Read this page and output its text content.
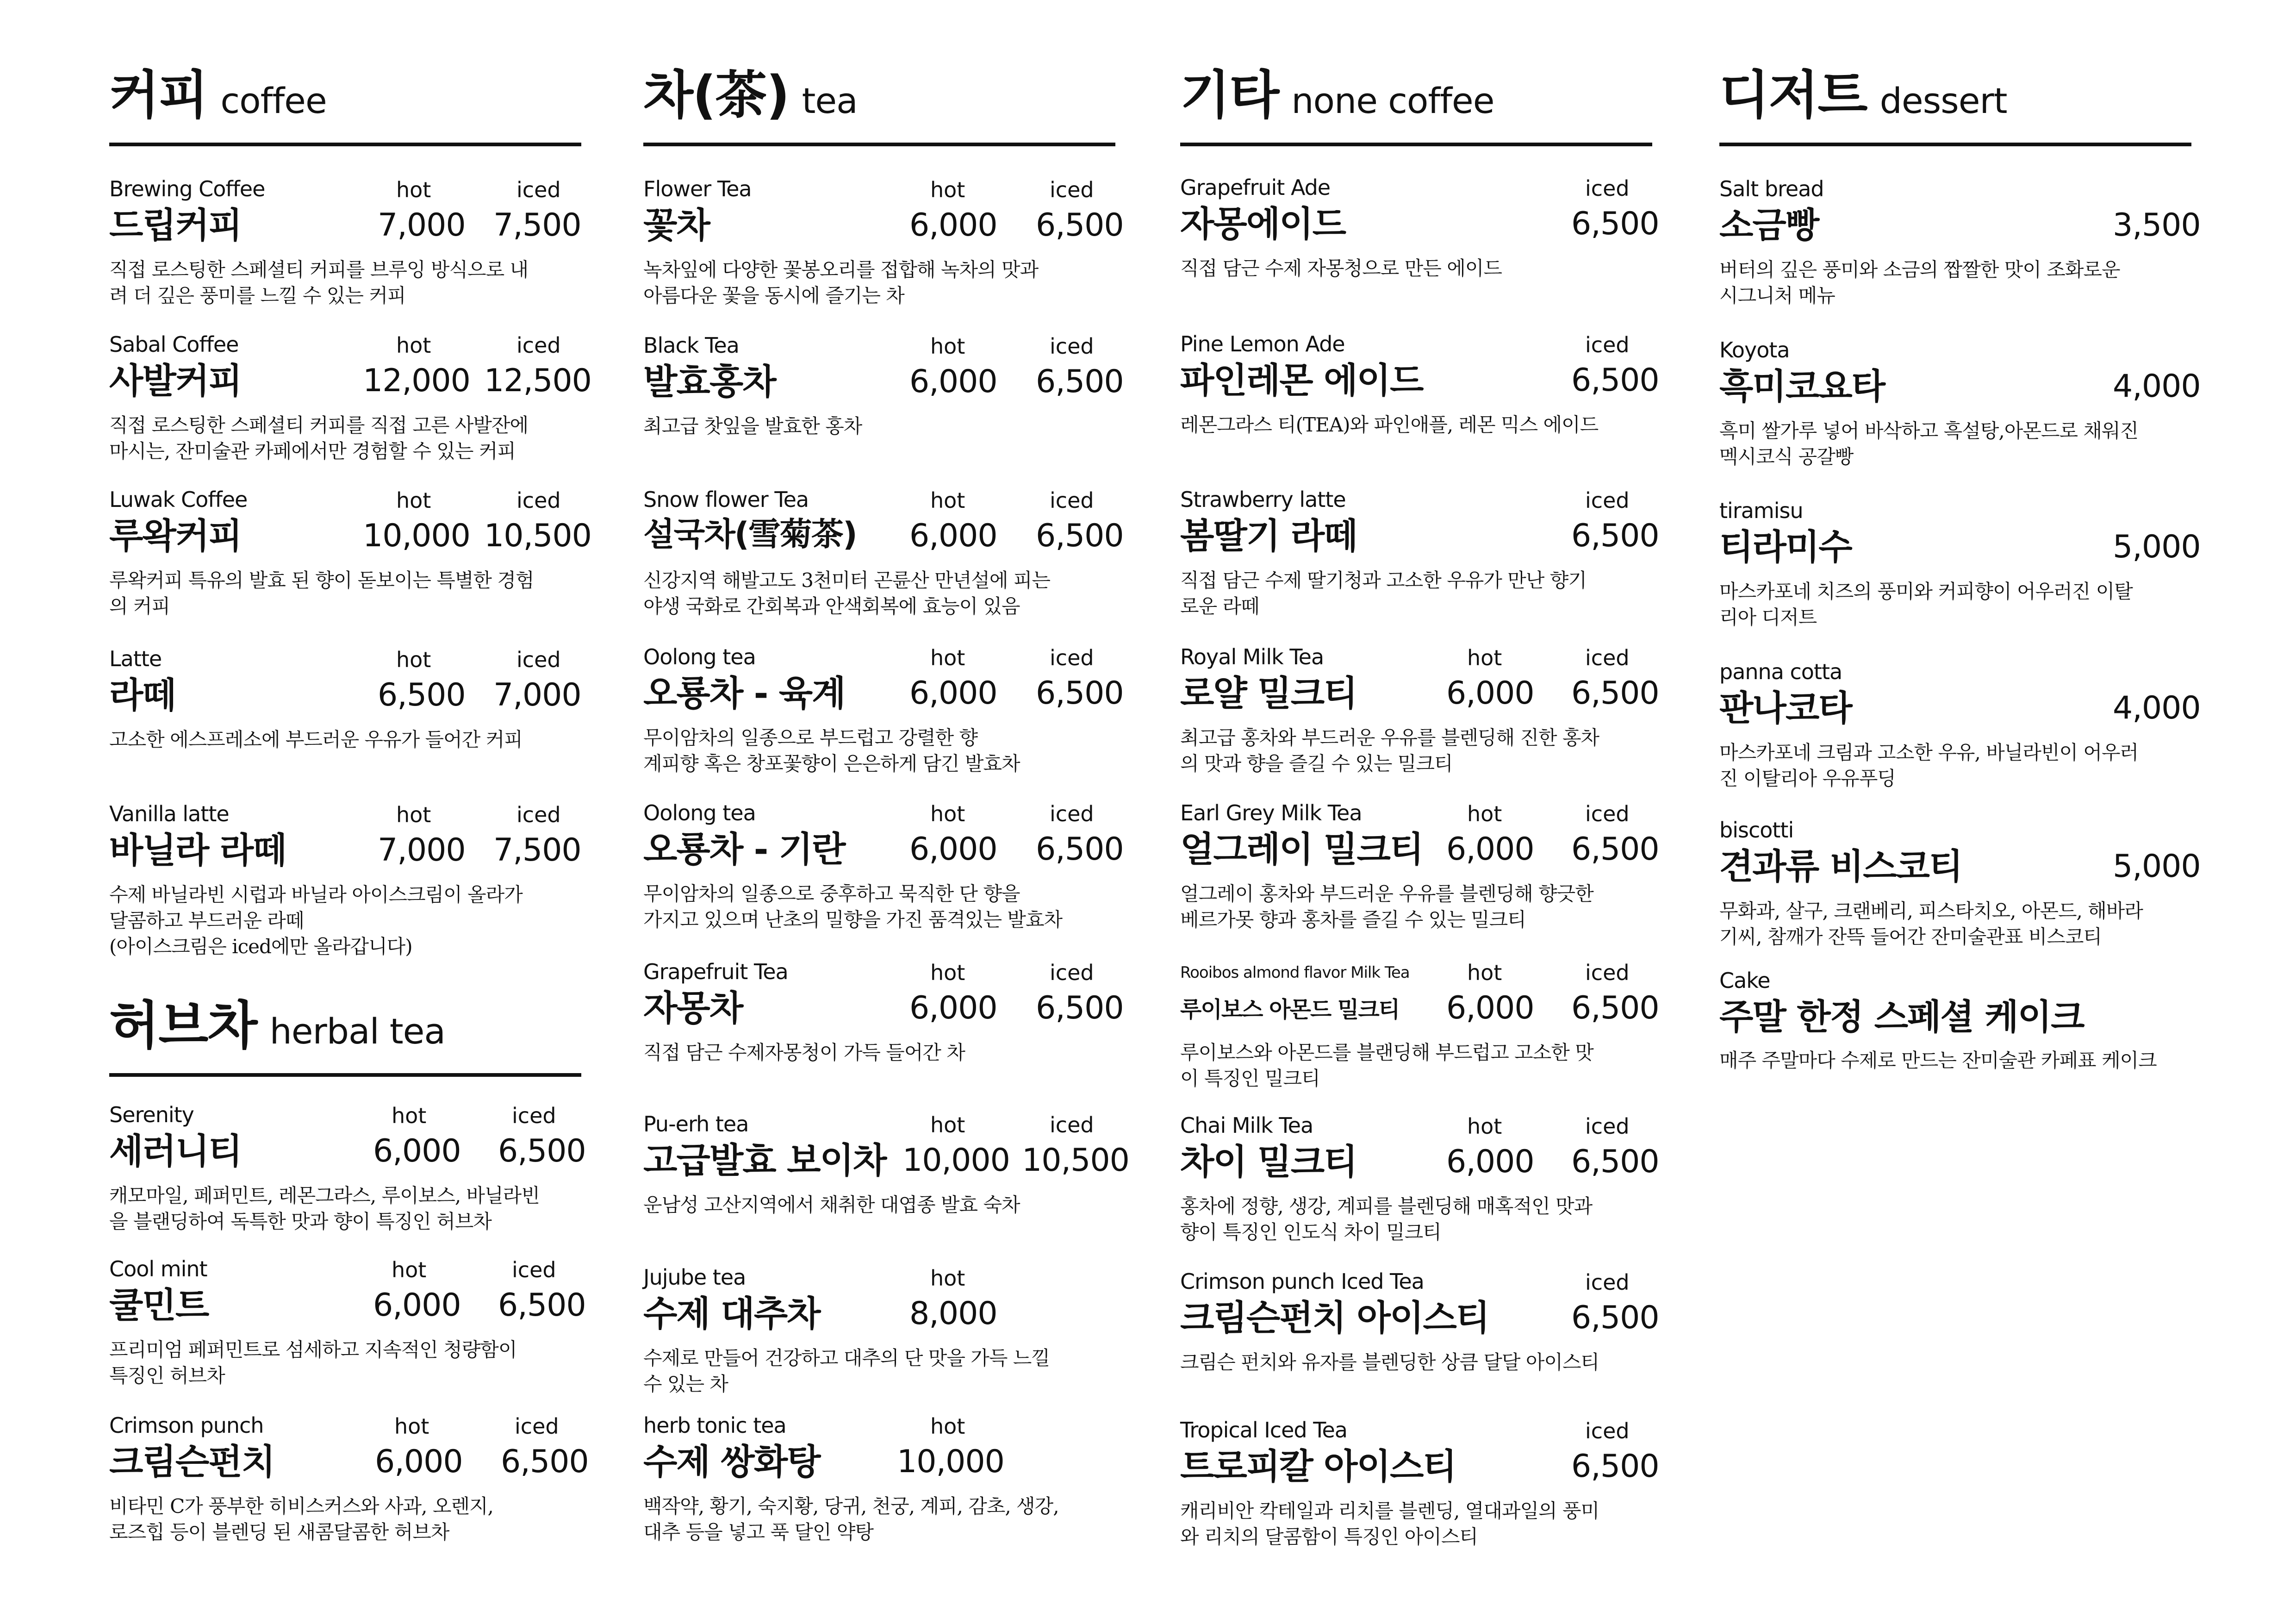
커피 coffee
Brewing Coffee	hot	iced
드립커피	7,000 7,500
직접 로스팅한 스페셜티 커피를 브루잉 방식으로 내
려 더 깊은 풍미를 느낄 수 있는 커피
Sabal Coffee	hot	iced
사발커피	12,000 12,500
직접 로스팅한 스페셜티 커피를 직접 고른 사발잔에
마시는, 잔미술관 카페에서만 경험할 수 있는 커피
Luwak Coffee	hot	iced
루왁커피	10,000 10,500
루왁커피 특유의 발효 된 향이 돋보이는 특별한 경험
의 커피
Latte	hot	iced
라떼	6,500 7,000
고소한 에스프레소에 부드러운 우유가 들어간 커피
Vanilla latte	hot	iced
바닐라 라떼	7,000 7,500
수제 바닐라빈 시럽과 바닐라 아이스크림이 올라가
달콤하고 부드러운 라떼
(아이스크림은 iced에만 올라갑니다)
허브차 herbal tea
Serenity	hot	iced
세러니티	6,000 6,500
캐모마일, 페퍼민트, 레몬그라스, 루이보스, 바닐라빈
을 블랜딩하여 독특한 맛과 향이 특징인 허브차
Cool mint	hot	iced
쿨민트	6,000 6,500
프리미엄 페퍼민트로 섬세하고 지속적인 청량함이
특징인 허브차
Crimson punch	hot	iced
크림슨펀치	6,000 6,500
비타민 C가 풍부한 히비스커스와 사과, 오렌지,
로즈힙 등이 블렌딩 된 새콤달콤한 허브차
차(茶) tea
Flower Tea	hot	iced
꽃차	6,000 6,500
녹차잎에 다양한 꽃봉오리를 접합해 녹차의 맛과
아름다운 꽃을 동시에 즐기는 차
Black Tea	hot	iced
발효홍차	6,000 6,500
최고급 찻잎을 발효한 홍차
Snow flower Tea	hot	iced
설국차(雪菊茶) 6,000 6,500
신강지역 해발고도 3천미터 곤륜산 만년설에 피는
야생 국화로 간회복과 안색회복에 효능이 있음
Oolong tea	hot	iced
오룡차 - 육계 6,000 6,500
무이암차의 일종으로 부드럽고 강렬한 향
계피향 혹은 창포꽃향이 은은하게 담긴 발효차
Oolong tea	hot	iced
오룡차 - 기란 6,000 6,500
무이암차의 일종으로 중후하고 묵직한 단 향을
가지고 있으며 난초의 밀향을 가진 품격있는 발효차
Grapefruit Tea	hot	iced
자몽차	6,000 6,500
직접 담근 수제자몽청이 가득 들어간 차
Pu-erh tea	hot	iced
고급발효 보이차 10,000 10,500
운남성 고산지역에서 채취한 대엽종 발효 숙차
Jujube tea	hot
수제 대추차	8,000
수제로 만들어 건강하고 대추의 단 맛을 가득 느낄
수 있는 차
herb tonic tea	hot
수제 쌍화탕 10,000
백작약, 황기, 숙지황, 당귀, 천궁, 계피, 감초, 생강,
대추 등을 넣고 푹 달인 약탕
기타 none coffee
Grapefruit Ade	iced
자몽에이드	6,500
직접 담근 수제 자몽청으로 만든 에이드
Pine Lemon Ade	iced
파인레몬 에이드	6,500
레몬그라스 티(TEA)와 파인애플, 레몬 믹스 에이드
Strawberry latte	iced
봄딸기 라떼	6,500
직접 담근 수제 딸기청과 고소한 우유가 만난 향기
로운 라떼
Royal Milk Tea	hot	iced
로얄 밀크티	6,000 6,500
최고급 홍차와 부드러운 우유를 블렌딩해 진한 홍차
의 맛과 향을 즐길 수 있는 밀크티
Earl Grey Milk Tea	hot	iced
얼그레이 밀크티 6,000 6,500
얼그레이 홍차와 부드러운 우유를 블렌딩해 향긋한
베르가못 향과 홍차를 즐길 수 있는 밀크티
Rooibos almond flavor Milk Tea	hot	iced
루이보스 아몬드 밀크티 6,000 6,500
루이보스와 아몬드를 블랜딩해 부드럽고 고소한 맛
이 특징인 밀크티
Chai Milk Tea	hot	iced
차이 밀크티	6,000 6,500
홍차에 정향, 생강, 계피를 블렌딩해 매혹적인 맛과
향이 특징인 인도식 차이 밀크티
Crimson punch Iced Tea	iced
크림슨펀치 아이스티	6,500
크림슨 펀치와 유자를 블렌딩한 상큼 달달 아이스티
Tropical Iced Tea	iced
트로피칼 아이스티	6,500
캐리비안 칵테일과 리치를 블렌딩, 열대과일의 풍미
와 리치의 달콤함이 특징인 아이스티
디저트 dessert
Salt bread
소금빵	3,500
버터의 깊은 풍미와 소금의 짭짤한 맛이 조화로운
시그니처 메뉴
Koyota
흑미코요타	4,000
흑미 쌀가루 넣어 바삭하고 흑설탕,아몬드로 채워진
멕시코식 공갈빵
tiramisu
티라미수	5,000
마스카포네 치즈의 풍미와 커피향이 어우러진 이탈
리아 디저트
panna cotta
판나코타	4,000
마스카포네 크림과 고소한 우유, 바닐라빈이 어우러
진 이탈리아 우유푸딩
biscotti
견과류 비스코티	5,000
무화과, 살구, 크랜베리, 피스타치오, 아몬드, 해바라
기씨, 참깨가 잔뜩 들어간 잔미술관표 비스코티
Cake
주말 한정 스페셜 케이크
매주 주말마다 수제로 만드는 잔미술관 카페표 케이크
